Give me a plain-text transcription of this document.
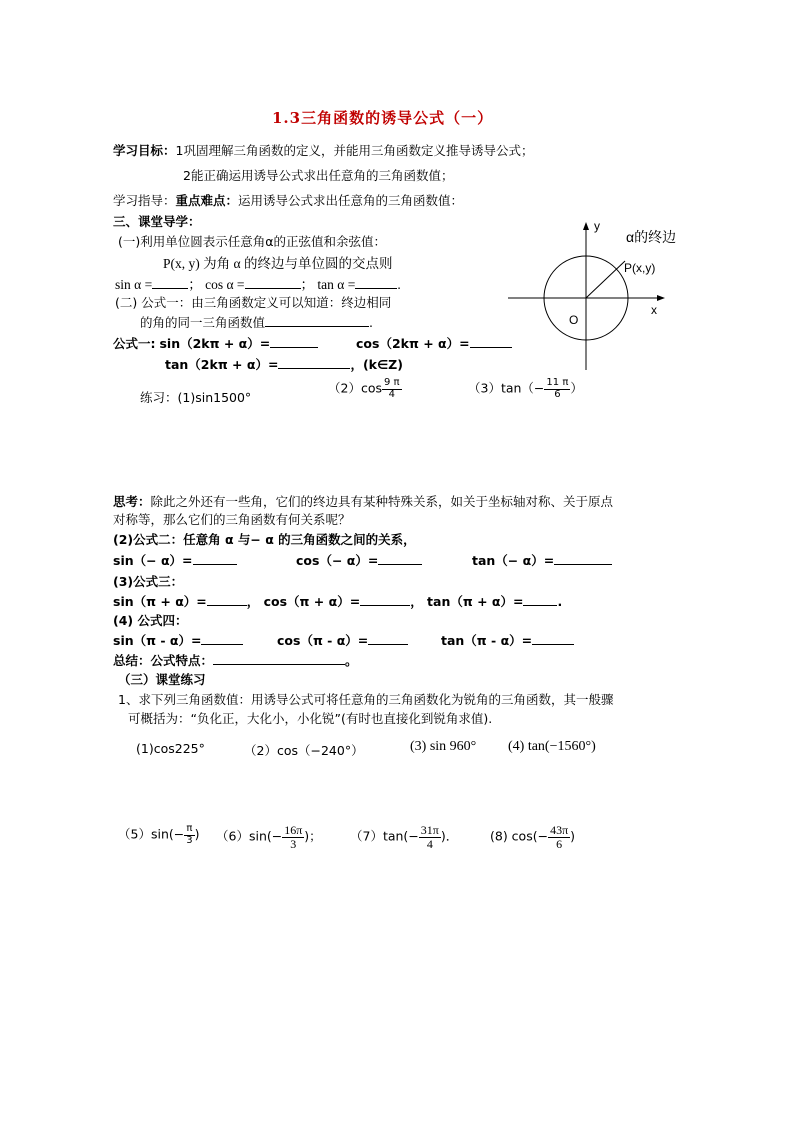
1.3三角函数的诱导公式（一）
学习目标：1巩固理解三角函数的定义，并能用三角函数定义推导诱导公式；
2能正确运用诱导公式求出任意角的三角函数值；
学习指导：重点难点：运用诱导公式求出任意角的三角函数值：
三、课堂导学：
(一)利用单位圆表示任意角α的正弦值和余弦值：
P(x, y) 为角 α 的终边与单位圆的交点则
sin α =	； cos α =	； tan α =	.
(二) 公式一：由三角函数定义可以知道：终边相同
的角的同一三角函数值	.
公式一: sin（2kπ + α）=	cos（2kπ + α）=
tan（2kπ + α）=	，(k∈Z)
练习：(1)sin1500°
$(2)\cos \frac{9 \pi}{4}$	$(3)\tan(- \frac{11 \pi}{6}$ ）
y
x
O
P(x,y)
α的终边
思考：除此之外还有一些角，它们的终边具有某种特殊关系，如关于坐标轴对称、关于原点
对称等，那么它们的三角函数有何关系呢？
(2)公式二：任意角 α 与− α 的三角函数之间的关系，
sin（− α）=	cos（− α）=	tan（− α）=
(3)公式三：
sin（π + α）=	， cos（π + α）=	， tan（π + α）=	.
(4) 公式四：
sin（π - α）=	cos（π - α）=	tan（π - α）=
总结：公式特点：	。
（三）课堂练习
1、求下列三角函数值：用诱导公式可将任意角的三角函数化为锐角的三角函数，其一般骤
可概括为：“负化正，大化小，小化锐”(有时也直接化到锐角求值).
(1)cos225°	（2）cos（−240°）	(3) sin 960° (4) tan(−1560°)
$(5)\sin(- \frac{\pi}{3}$ ) $(6)\sin(- \frac{16\pi}{3}$ )； $(7)\tan(- \frac{31\pi}{4}$ )．	(8) $\cos(- \frac{43\pi}{6}$ )
